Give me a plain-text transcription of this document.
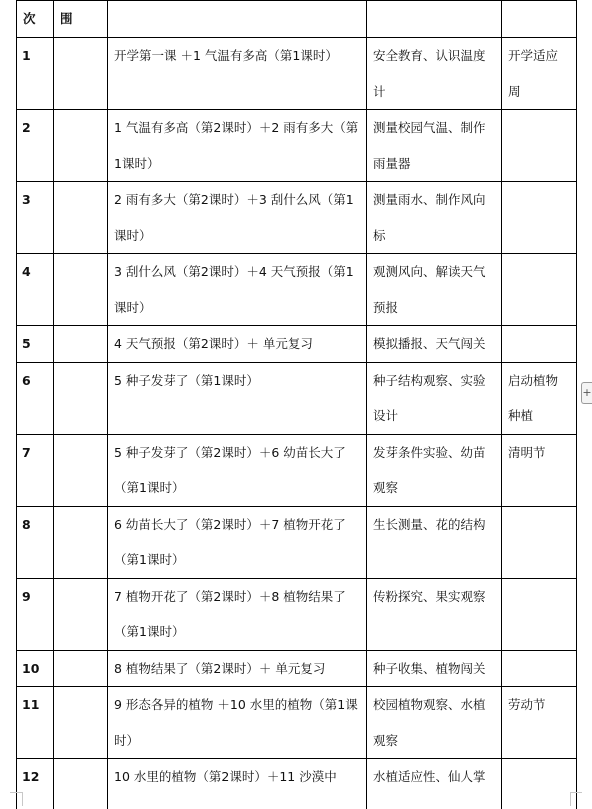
次	围			
1		开学第一课 ＋1 气温有多高（第1课时）	安全教育、认识温度计	开学适应周
2		1 气温有多高（第2课时）＋2 雨有多大（第1课时）	测量校园气温、制作雨量器	
3		2 雨有多大（第2课时）＋3 刮什么风（第1课时）	测量雨水、制作风向标	
4		3 刮什么风（第2课时）＋4 天气预报（第1课时）	观测风向、解读天气预报	
5		4 天气预报（第2课时）＋ 单元复习	模拟播报、天气闯关	
6		5 种子发芽了（第1课时）	种子结构观察、实验设计	启动植物种植
7		5 种子发芽了（第2课时）＋6 幼苗长大了（第1课时）	发芽条件实验、幼苗观察	清明节
8		6 幼苗长大了（第2课时）＋7 植物开花了（第1课时）	生长测量、花的结构	
9		7 植物开花了（第2课时）＋8 植物结果了（第1课时）	传粉探究、果实观察	
10		8 植物结果了（第2课时）＋ 单元复习	种子收集、植物闯关	
11		9 形态各异的植物 ＋10 水里的植物（第1课时）	校园植物观察、水植观察	劳动节
12		10 水里的植物（第2课时）＋11 沙漠中	水植适应性、仙人掌	
+
